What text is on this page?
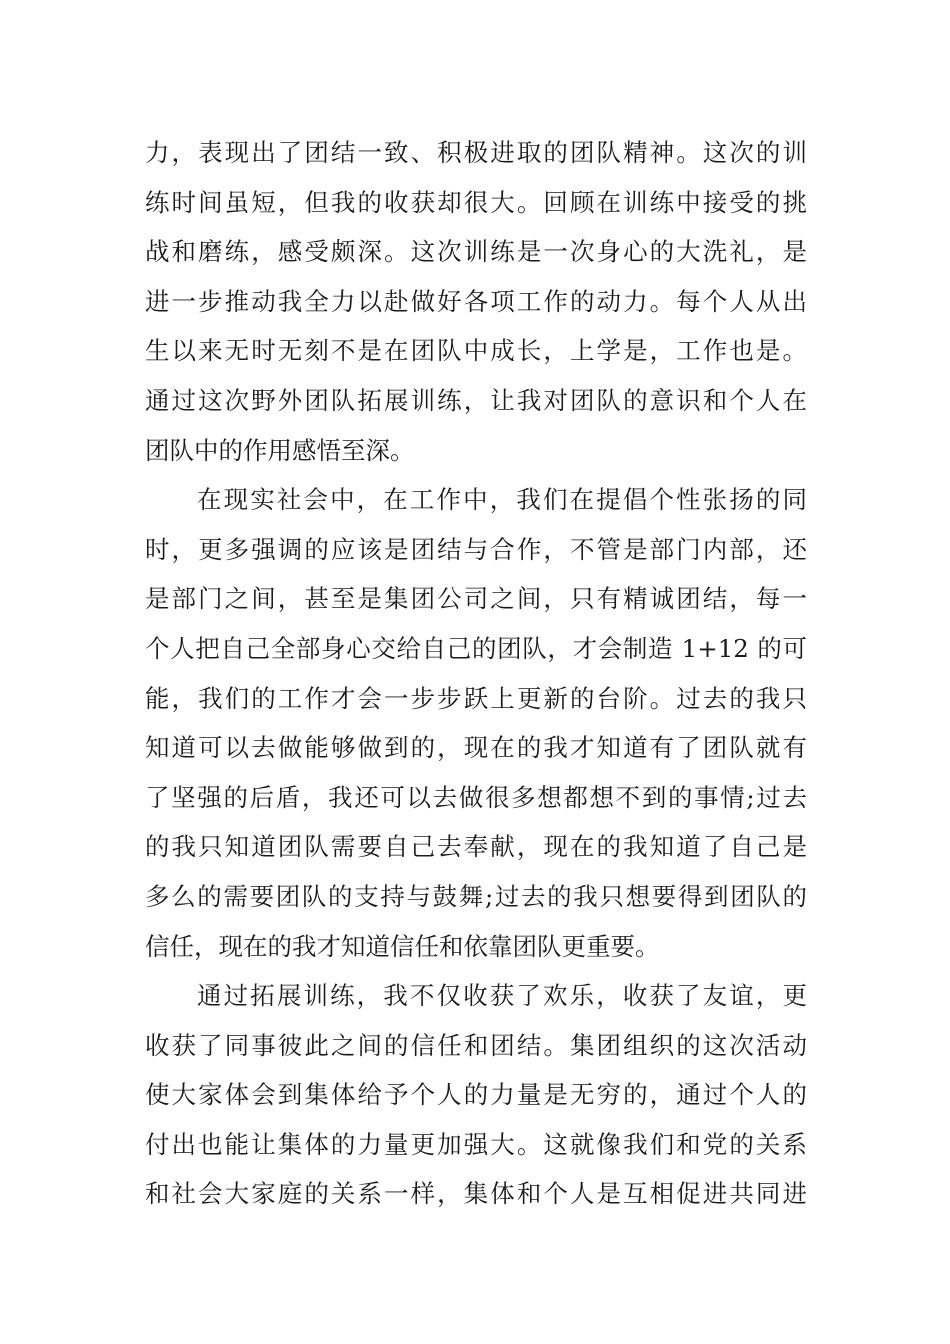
力，表现出了团结一致、积极进取的团队精神。这次的训
练时间虽短，但我的收获却很大。回顾在训练中接受的挑
战和磨练，感受颇深。这次训练是一次身心的大洗礼，是
进一步推动我全力以赴做好各项工作的动力。每个人从出
生以来无时无刻不是在团队中成长，上学是，工作也是。
通过这次野外团队拓展训练，让我对团队的意识和个人在
团队中的作用感悟至深。
在现实社会中，在工作中，我们在提倡个性张扬的同
时，更多强调的应该是团结与合作，不管是部门内部，还
是部门之间，甚至是集团公司之间，只有精诚团结，每一
个人把自己全部身心交给自己的团队，才会制造 1+12 的可
能，我们的工作才会一步步跃上更新的台阶。过去的我只
知道可以去做能够做到的，现在的我才知道有了团队就有
了坚强的后盾，我还可以去做很多想都想不到的事情;过去
的我只知道团队需要自己去奉献，现在的我知道了自己是
多么的需要团队的支持与鼓舞;过去的我只想要得到团队的
信任，现在的我才知道信任和依靠团队更重要。
通过拓展训练，我不仅收获了欢乐，收获了友谊，更
收获了同事彼此之间的信任和团结。集团组织的这次活动
使大家体会到集体给予个人的力量是无穷的，通过个人的
付出也能让集体的力量更加强大。这就像我们和党的关系
和社会大家庭的关系一样，集体和个人是互相促进共同进
